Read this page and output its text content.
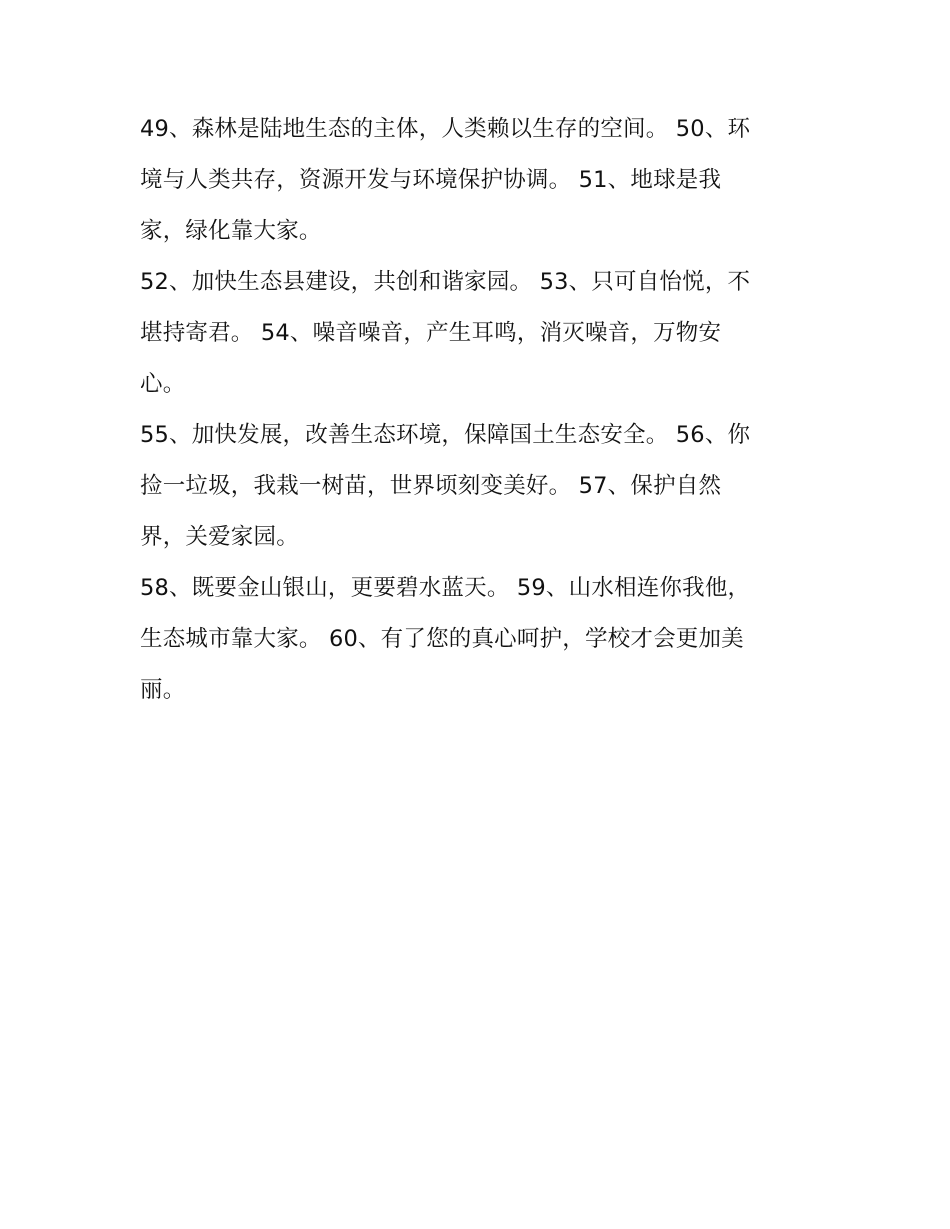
49、森林是陆地生态的主体，人类赖以生存的空间。 50、环
境与人类共存，资源开发与环境保护协调。 51、地球是我
家，绿化靠大家。

52、加快生态县建设，共创和谐家园。 53、只可自怡悦，不
堪持寄君。 54、噪音噪音，产生耳鸣，消灭噪音，万物安
心。

55、加快发展，改善生态环境，保障国土生态安全。 56、你
捡一垃圾，我栽一树苗，世界顷刻变美好。 57、保护自然
界，关爱家园。

58、既要金山银山，更要碧水蓝天。 59、山水相连你我他，
生态城市靠大家。 60、有了您的真心呵护，学校才会更加美
丽。
